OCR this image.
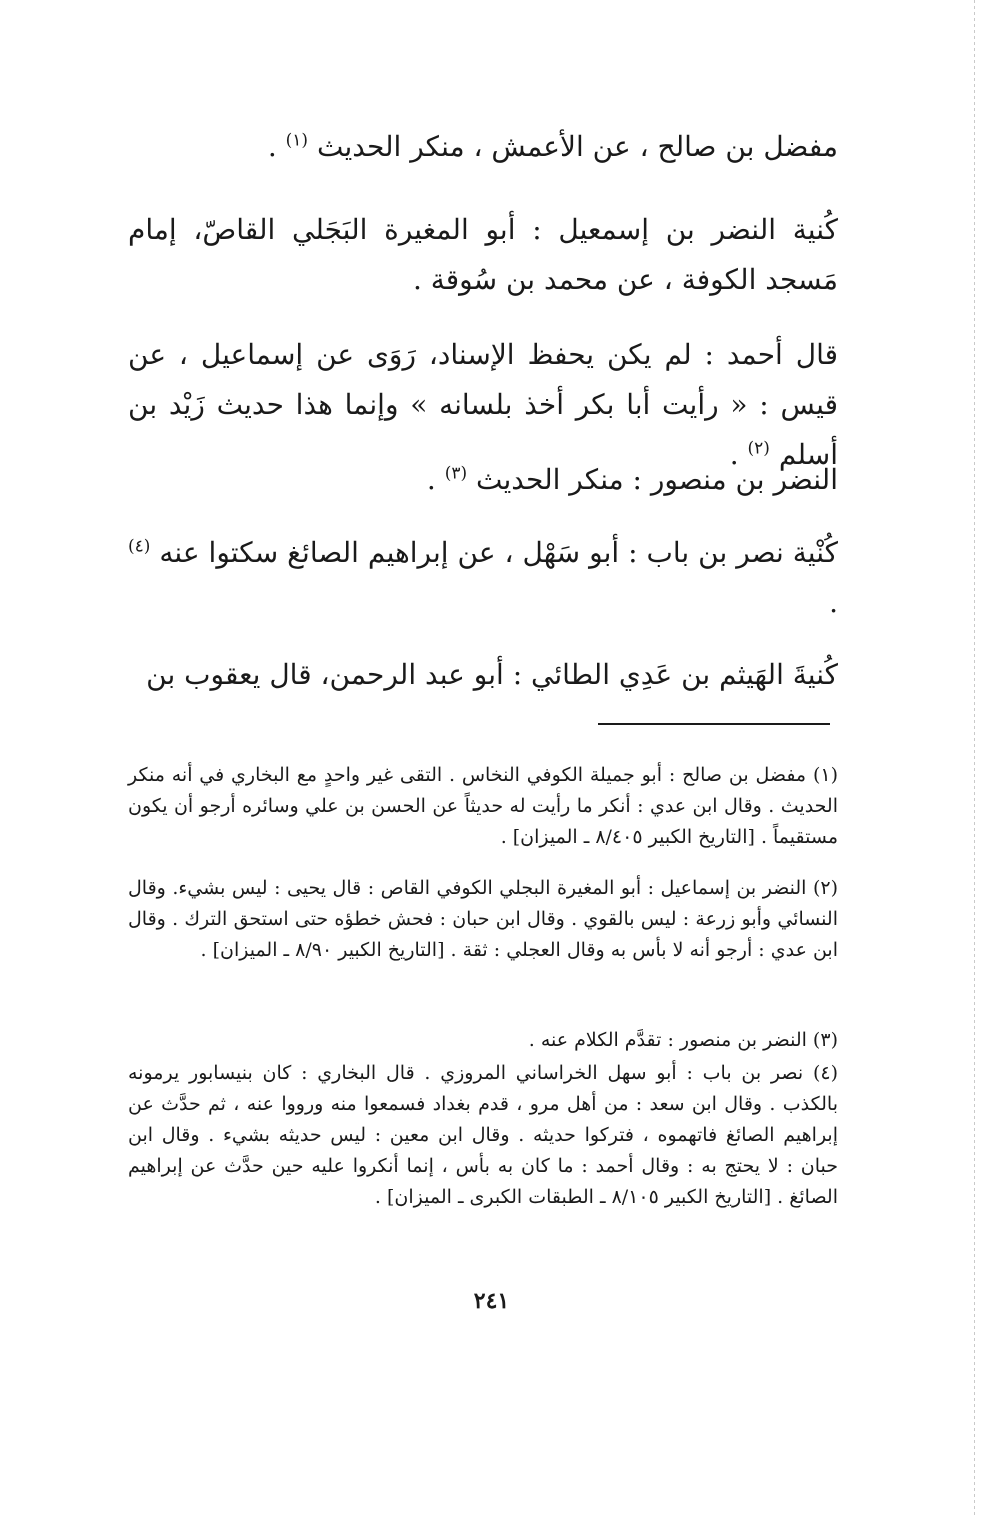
مفضل بن صالح ، عن الأعمش ، منكر الحديث $^{(١)}$ .
كُنية النضر بن إسمعيل : أبو المغيرة البَجَلي القاصّ، إمام مَسجد الكوفة ، عن محمد بن سُوقة .
قال أحمد : لم يكن يحفظ الإسناد، رَوَى عن إسماعيل ، عن قيس : « رأيت أبا بكر أخذ بلسانه » وإنما هذا حديث زَيْد بن أسلم $^{(٢)}$ .
النضر بن منصور : منكر الحديث $^{(٣)}$ .
كُنْية نصر بن باب : أبو سَهْل ، عن إبراهيم الصائغ سكتوا عنه $^{(٤)}$ .
كُنيةَ الهَيثم بن عَدِي الطائي : أبو عبد الرحمن، قال يعقوب بن
(١) مفضل بن صالح : أبو جميلة الكوفي النخاس . التقى غير واحدٍ مع البخاري في أنه منكر الحديث . وقال ابن عدي : أنكر ما رأيت له حديثاً عن الحسن بن علي وسائره أرجو أن يكون مستقيماً . [التاريخ الكبير ٨/٤٠٥ ـ الميزان] .
(٢) النضر بن إسماعيل : أبو المغيرة البجلي الكوفي القاص : قال يحيى : ليس بشيء. وقال النسائي وأبو زرعة : ليس بالقوي . وقال ابن حبان : فحش خطؤه حتى استحق الترك . وقال ابن عدي : أرجو أنه لا بأس به وقال العجلي : ثقة . [التاريخ الكبير ٨/٩٠ ـ الميزان] .
(٣) النضر بن منصور : تقدَّم الكلام عنه .
(٤) نصر بن باب : أبو سهل الخراساني المروزي . قال البخاري : كان بنيسابور يرمونه بالكذب . وقال ابن سعد : من أهل مرو ، قدم بغداد فسمعوا منه ورووا عنه ، ثم حدَّث عن إبراهيم الصائغ فاتهموه ، فتركوا حديثه . وقال ابن معين : ليس حديثه بشيء . وقال ابن حبان : لا يحتج به : وقال أحمد : ما كان به بأس ، إنما أنكروا عليه حين حدَّث عن إبراهيم الصائغ . [التاريخ الكبير ٨/١٠٥ ـ الطبقات الكبرى ـ الميزان] .
٢٤١
